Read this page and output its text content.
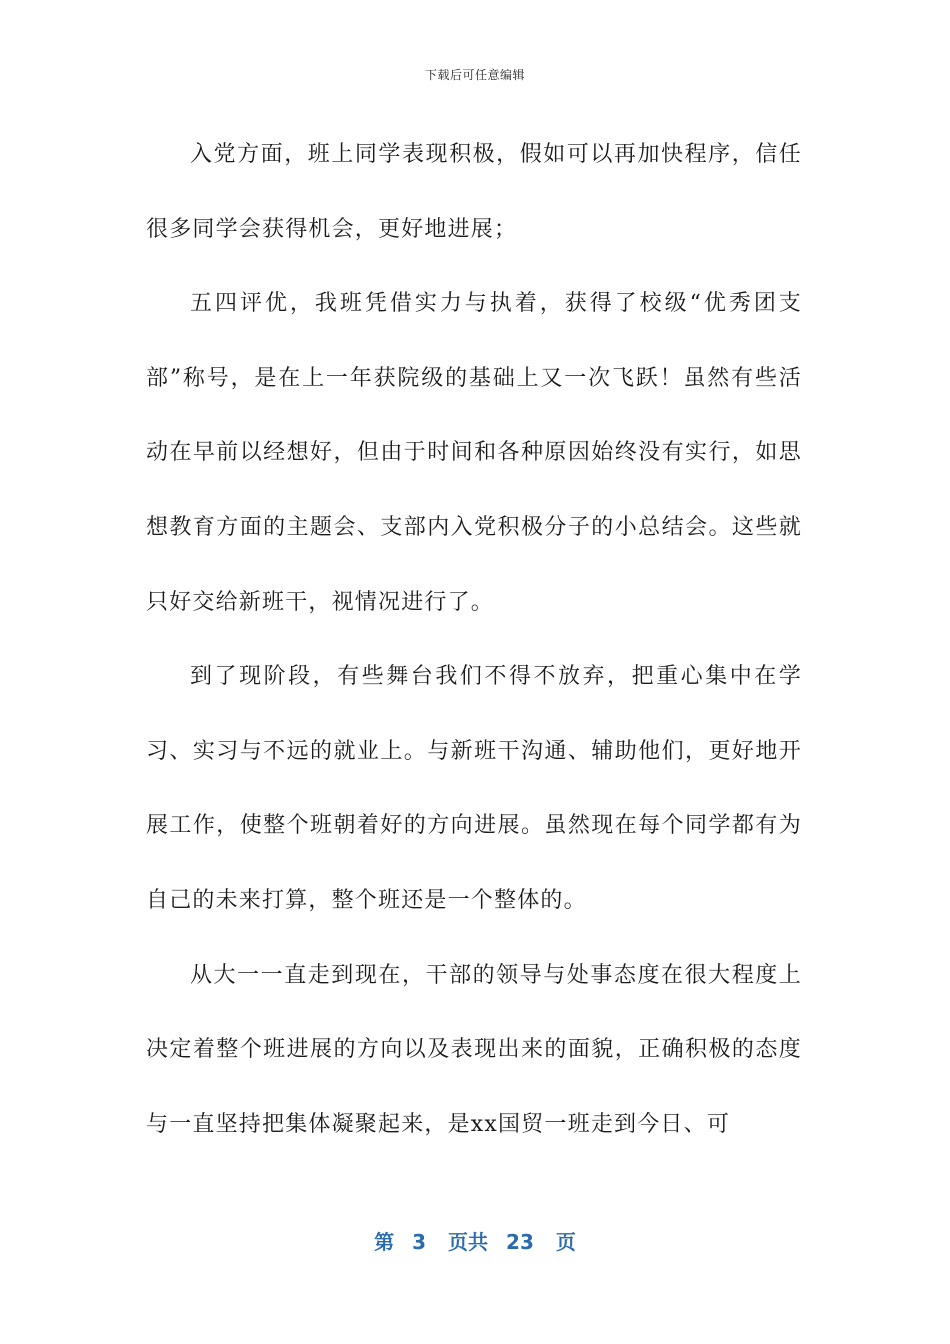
下载后可任意编辑

入党方面，班上同学表现积极，假如可以再加快程序，信任很多同学会获得机会，更好地进展；

五四评优，我班凭借实力与执着，获得了校级“优秀团支部”称号，是在上一年获院级的基础上又一次飞跃！虽然有些活动在早前以经想好，但由于时间和各种原因始终没有实行，如思想教育方面的主题会、支部内入党积极分子的小总结会。这些就只好交给新班干，视情况进行了。

到了现阶段，有些舞台我们不得不放弃，把重心集中在学习、实习与不远的就业上。与新班干沟通、辅助他们，更好地开展工作，使整个班朝着好的方向进展。虽然现在每个同学都有为自己的未来打算，整个班还是一个整体的。

从大一一直走到现在，干部的领导与处事态度在很大程度上决定着整个班进展的方向以及表现出来的面貌，正确积极的态度与一直坚持把集体凝聚起来，是xx国贸一班走到今日、可

第 3 页共 23 页
